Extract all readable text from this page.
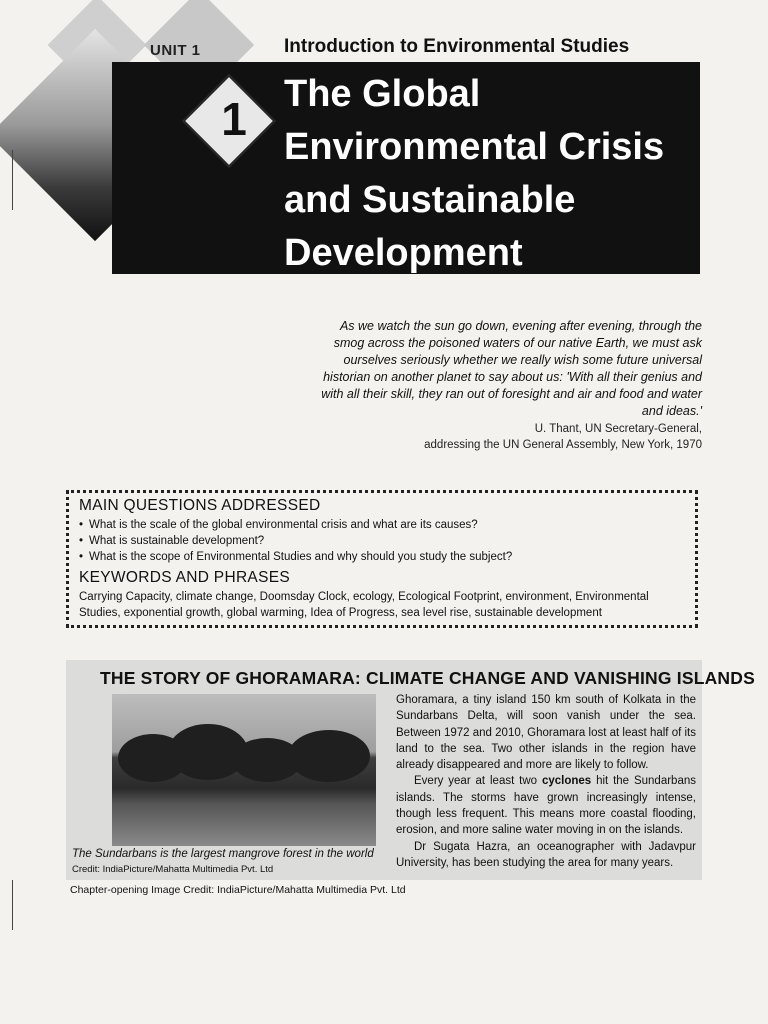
UNIT 1
1
Introduction to Environmental Studies
The Global Environmental Crisis and Sustainable Development
As we watch the sun go down, evening after evening, through the smog across the poisoned waters of our native Earth, we must ask ourselves seriously whether we really wish some future universal historian on another planet to say about us: 'With all their genius and with all their skill, they ran out of foresight and air and food and water and ideas.'
U. Thant, UN Secretary-General,
addressing the UN General Assembly, New York, 1970
MAIN QUESTIONS ADDRESSED
• What is the scale of the global environmental crisis and what are its causes?
• What is sustainable development?
• What is the scope of Environmental Studies and why should you study the subject?
KEYWORDS AND PHRASES

Carrying Capacity, climate change, Doomsday Clock, ecology, Ecological Footprint, environment, Environmental Studies, exponential growth, global warming, Idea of Progress, sea level rise, sustainable development

THE STORY OF GHORAMARA: CLIMATE CHANGE AND VANISHING ISLANDS
The Sundarbans is the largest mangrove forest in the world
Credit: IndiaPicture/Mahatta Multimedia Pvt. Ltd

Ghoramara, a tiny island 150 km south of Kolkata in the Sundarbans Delta, will soon vanish under the sea. Between 1972 and 2010, Ghoramara lost at least half of its land to the sea. Two other islands in the region have already disappeared and more are likely to follow.

Every year at least two cyclones hit the Sundarbans islands. The storms have grown increasingly intense, though less frequent. This means more coastal flooding, erosion, and more saline water moving in on the islands.

Dr Sugata Hazra, an oceanographer with Jadavpur University, has been studying the area for many years.

Chapter-opening Image Credit: IndiaPicture/Mahatta Multimedia Pvt. Ltd
